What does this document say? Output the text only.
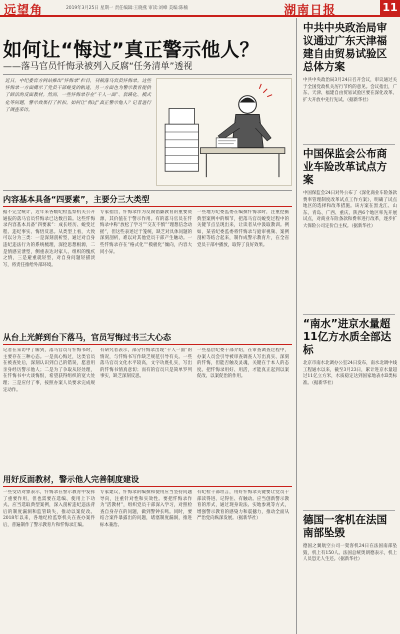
远望角	2019年3月25日 星期一 责任编辑:王晓燕 审读:刘峰 美编:陈楠	湖南日报	11
如何让“悔过”真正警示他人？
——落马官员忏悔录被列入反腐“任务清单”透视
近日，中纪委官方网站推出“忏悔录”栏目，刊载落马官员忏悔录。这些忏悔录一方面揭示了党员干部蜕变的轨迹，另一方面也为警示教育提供了鲜活的反面教材。然而，一些忏悔录存在“千人一面”、套路化、模式化等问题，警示效果打了折扣。如何让“悔过”真正警示他人？记者进行了调查采访。
内容基本具备“四要素”，主要分三大类型
据不完全统计，近年来各级纪检监察机关公开通报的落马官员忏悔录已达数百篇。这些忏悔录内容基本具备“四要素”：成长经历、蜕变过程、违纪事实、悔悟反思。从类型上看，大致可以分为三类：一是深刻剖析型，通过对自身违纪违法行为的系统梳理，深挖思想根源，二是情感宣泄型，侧重表达对家人、组织的愧疚之情，三是避重就轻型，对自身问题轻描淡写，将责任推给外部环境。
专家指出，忏悔录作为反腐倡廉教育的重要资源，其价值在于警示作用。有的落马官员在忏悔录中称“放松了学习”“交友不慎”“理想信念动摇”，但这些表述过于笼统，缺乏对具体问题的深刻剖析，难以对其他党员干部产生触动。一些忏悔录存在“格式化”“模板化”倾向，内容大同小异。
一些地方纪委监委在编撰忏悔录时，注重挖掘典型案例中的细节，把落马官员蜕变过程中的关键节点呈现出来，让读者从中汲取教训。例如，某省纪委监委将忏悔录与庭审视频、案例剖析等结合起来，制作成警示教育片，在全省党员干部中播放，取得了良好效果。
从台上光鲜到台下落马，官员写悔过书三大心态
记者在采访中了解到，落马官员写忏悔书时，主要存在三种心态。一是真心悔过，这类官员在被查处后，深刻认识到自己的错误，愿意用亲身经历警示他人；二是为了争取从轻处理，在忏悔书中大谈悔恨，希望获得组织的宽大处理；三是应付了事，按照办案人员要求完成规定动作。
有研究者表示，部分忏悔录出现“千人一面”的情况，与忏悔书写作缺乏规范引导有关。一些落马官员文化水平较高，文字功底扎实，写出的忏悔书情真意切；而有的官员只是简单罗列事实，缺乏深刻反思。
一些基层纪委干部介绍，在审查调查过程中，办案人员会引导被审查调查人写出真实、深刻的忏悔，但能否触及灵魂，关键在于本人的态度。把忏悔录用好、用活，才能真正起到以案促改、以案促治的作用。
用好反面教材，警示他人完善制度建设
一些受访对象表示，忏悔录在警示教育中发挥了重要作用，但也需要在选编、使用上下功夫。应当选取典型案例，深入剖析违纪违法背后的制度漏洞和监管缺失，推动以案促改。2018年以来，各地纪检监察机关在查办案件后，普遍制作了警示教育片和忏悔录汇编。
专家建议，忏悔录的编撰和使用应当坚持问题导向，注重针对性和实效性。要把忏悔录作为“活教材”，组织党员干部深入学习，对照检查自身存在的问题，做到警钟长鸣。同时，要结合案件暴露出的问题，堵塞制度漏洞，推进标本兼治。
有纪检干部坦言，用好忏悔录关键要让党员干部读得进、记得住、有触动。应当创新警示教育的形式，通过现身说法、实地参观等方式，增强警示教育的感染力和震撼力，推动全面从严治党向纵深发展。（据新华社）
中共中央政治局审议通过广东天津福建自由贸易试验区总体方案
中共中央政治局3月24日召开会议，审议通过关于全国党政机关厉行节约的意见。会议指出，广东、天津、福建自由贸易试验区要在深化改革、扩大开放中先行先试。（据新华社）
中国保监会公布商业车险改革试点方案
中国保监会24日对外公布了《深化商业车险条款费率管理制度改革试点工作方案》，明确了试点地区的选择和改革措施。该方案在黑龙江、山东、青岛、广西、重庆、陕西6个地区率先开展试点，对商业车险条款和费率进行改革，逐步扩大保险公司定价自主权。（据新华社）
“南水”进京水量超11亿方水质全部达标
北京市南水北调办公室24日发布，南水北调中线工程通水以来，截至3月23日，累计进京水量超过11亿立方米，水质稳定达到国家地表水Ⅱ类标准。（据新华社）
德国一客机在法国南部坠毁
德国之翼航空公司一架客机24日在法国南部坠毁，机上有150人。法国总统奥朗德表示，机上人员恐无人生还。（据新华社）
